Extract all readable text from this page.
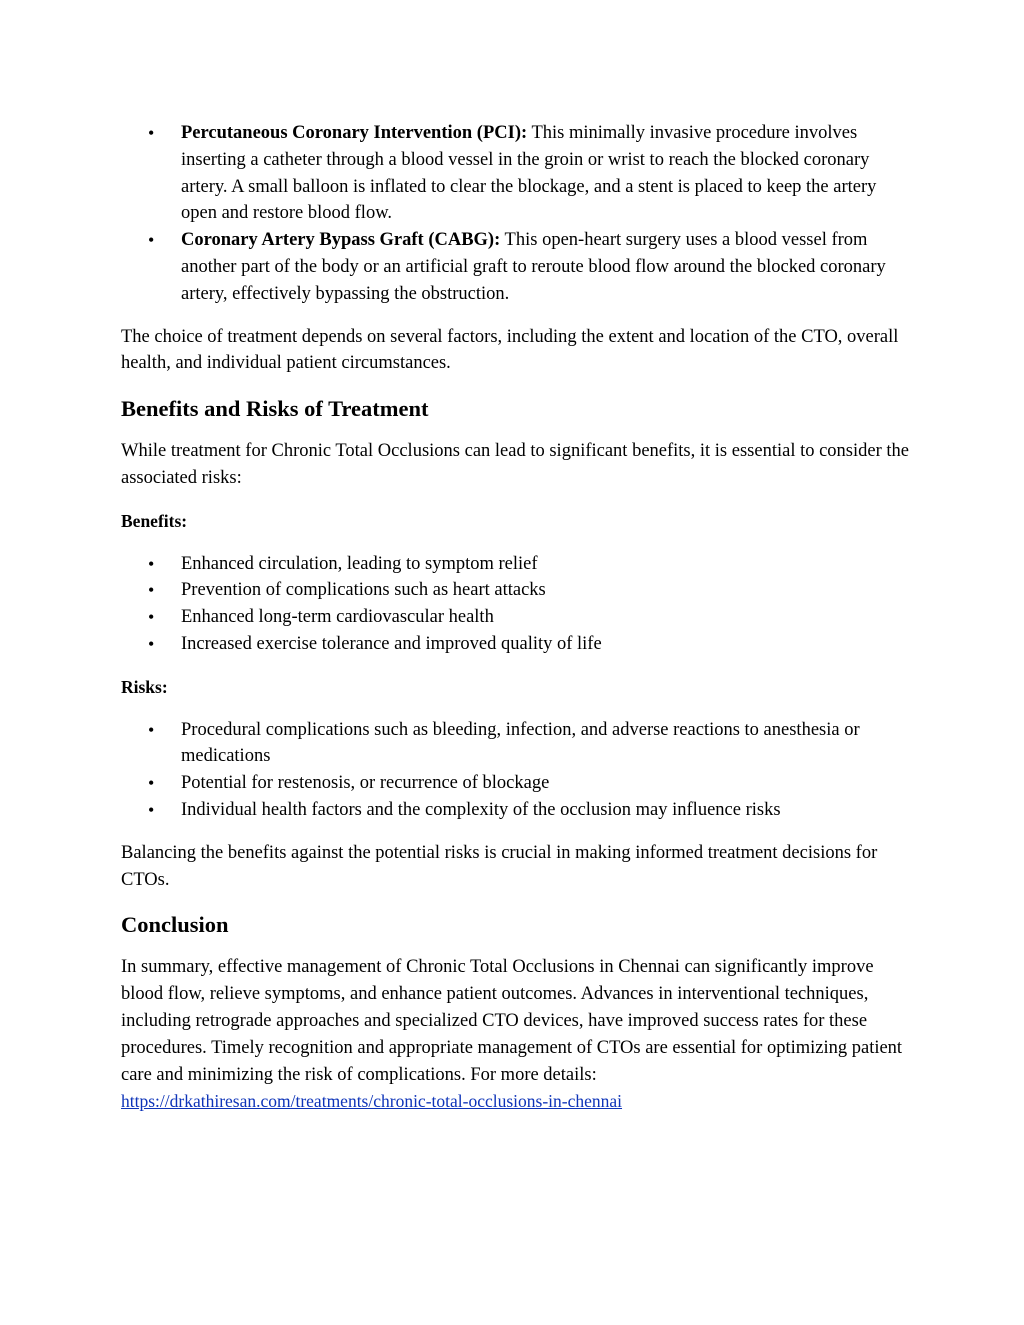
• Percutaneous Coronary Intervention (PCI): This minimally invasive procedure involves inserting a catheter through a blood vessel in the groin or wrist to reach the blocked coronary artery. A small balloon is inflated to clear the blockage, and a stent is placed to keep the artery open and restore blood flow.
• Coronary Artery Bypass Graft (CABG): This open-heart surgery uses a blood vessel from another part of the body or an artificial graft to reroute blood flow around the blocked coronary artery, effectively bypassing the obstruction.

The choice of treatment depends on several factors, including the extent and location of the CTO, overall health, and individual patient circumstances.

Benefits and Risks of Treatment

While treatment for Chronic Total Occlusions can lead to significant benefits, it is essential to consider the associated risks:

Benefits:

• Enhanced circulation, leading to symptom relief
• Prevention of complications such as heart attacks
• Enhanced long-term cardiovascular health
• Increased exercise tolerance and improved quality of life

Risks:

• Procedural complications such as bleeding, infection, and adverse reactions to anesthesia or medications
• Potential for restenosis, or recurrence of blockage
• Individual health factors and the complexity of the occlusion may influence risks

Balancing the benefits against the potential risks is crucial in making informed treatment decisions for CTOs.

Conclusion

In summary, effective management of Chronic Total Occlusions in Chennai can significantly improve blood flow, relieve symptoms, and enhance patient outcomes. Advances in interventional techniques, including retrograde approaches and specialized CTO devices, have improved success rates for these procedures. Timely recognition and appropriate management of CTOs are essential for optimizing patient care and minimizing the risk of complications. For more details: https://drkathiresan.com/treatments/chronic-total-occlusions-in-chennai
